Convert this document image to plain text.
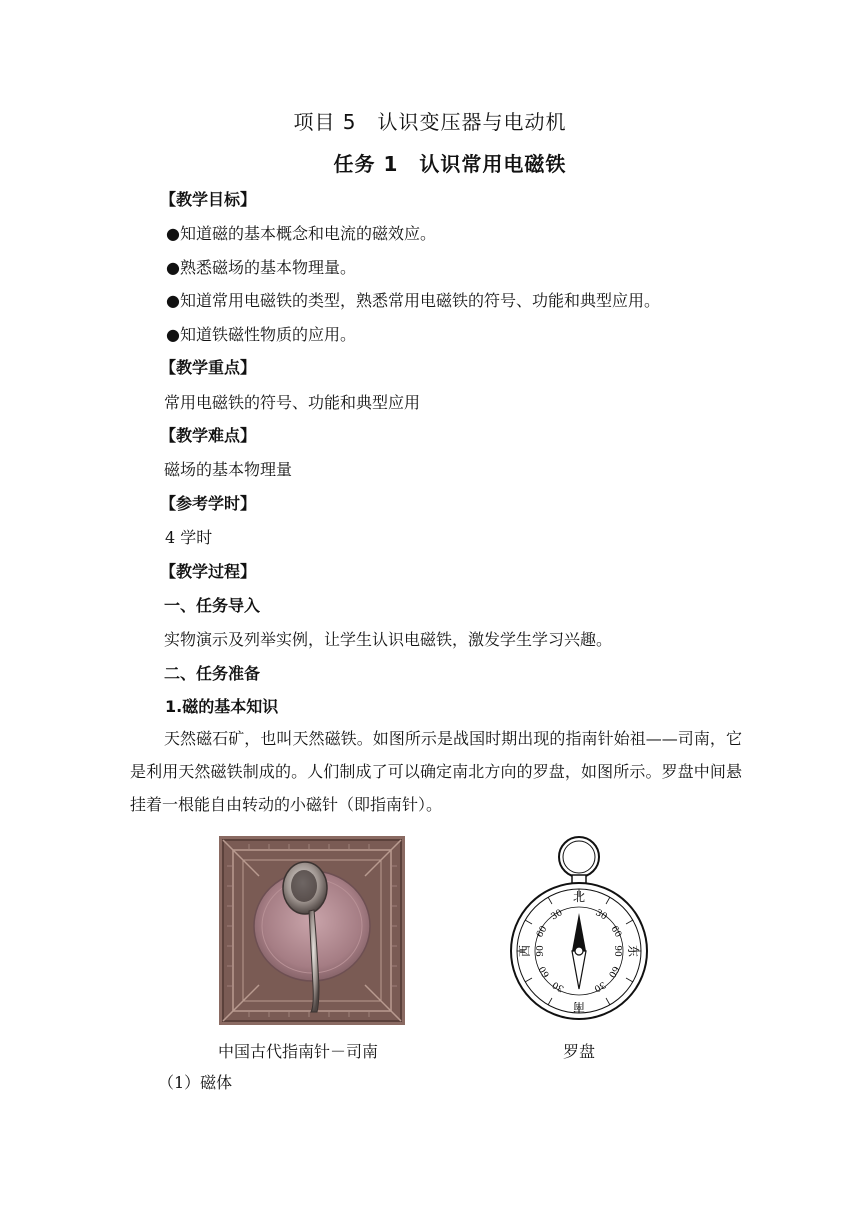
项目 5　认识变压器与电动机
任务 1　认识常用电磁铁
【教学目标】
●知道磁的基本概念和电流的磁效应。
●熟悉磁场的基本物理量。
●知道常用电磁铁的类型，熟悉常用电磁铁的符号、功能和典型应用。
●知道铁磁性物质的应用。
【教学重点】
常用电磁铁的符号、功能和典型应用
【教学难点】
磁场的基本物理量
【参考学时】
4 学时
【教学过程】
一、任务导入
实物演示及列举实例，让学生认识电磁铁，激发学生学习兴趣。
二、任务准备
1.磁的基本知识
天然磁石矿，也叫天然磁铁。如图所示是战国时期出现的指南针始祖——司南，它是利用天然磁铁制成的。人们制成了可以确定南北方向的罗盘，如图所示。罗盘中间悬挂着一根能自由转动的小磁针（即指南针）。
北
南
东
西
30	30
60	60
90	90
60	60
30	30
中国古代指南针－司南	罗盘
（1）磁体
